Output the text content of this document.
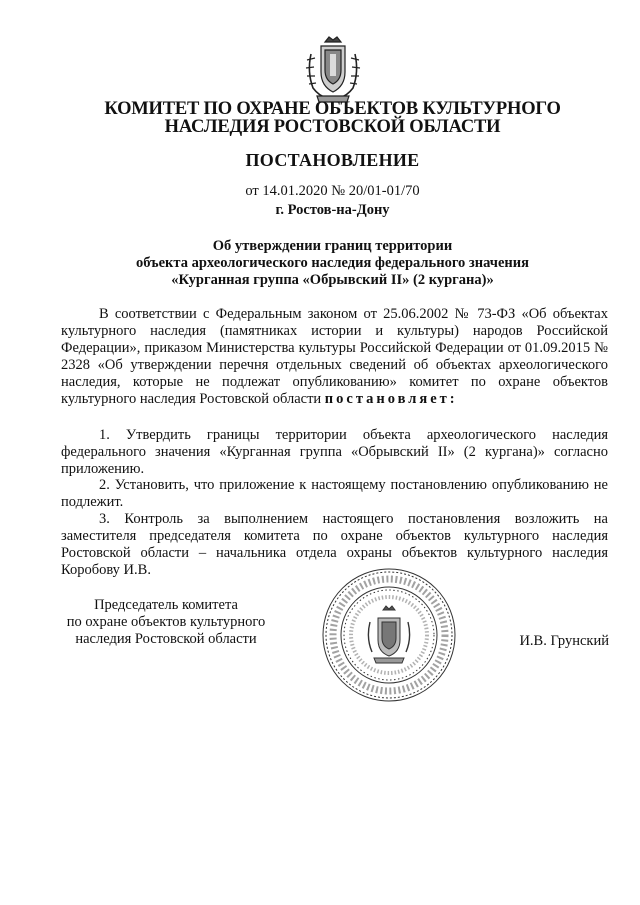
КОМИТЕТ ПО ОХРАНЕ ОБЪЕКТОВ КУЛЬТУРНОГО
НАСЛЕДИЯ РОСТОВСКОЙ ОБЛАСТИ
ПОСТАНОВЛЕНИЕ
от 14.01.2020 № 20/01-01/70
г. Ростов-на-Дону
Об утверждении границ территории
объекта археологического наследия федерального значения
«Курганная группа «Обрывский II» (2 кургана)»

В соответствии с Федеральным законом от 25.06.2002 № 73-ФЗ «Об объектах культурного наследия (памятниках истории и культуры) народов Российской Федерации», приказом Министерства культуры Российской Федерации от 01.09.2015 № 2328 «Об утверждении перечня отдельных сведений об объектах археологического наследия, которые не подлежат опубликованию» комитет по охране объектов культурного наследия Ростовской области постановляет:

1. Утвердить границы территории объекта археологического наследия федерального значения «Курганная группа «Обрывский II» (2 кургана)» согласно приложению.

2. Установить, что приложение к настоящему постановлению опубликованию не подлежит.

3. Контроль за выполнением настоящего постановления возложить на заместителя председателя комитета по охране объектов культурного наследия Ростовской области – начальника отдела охраны объектов культурного наследия Коробову И.В.

Председатель комитета
по охране объектов культурного
наследия Ростовской области	И.В. Грунский
